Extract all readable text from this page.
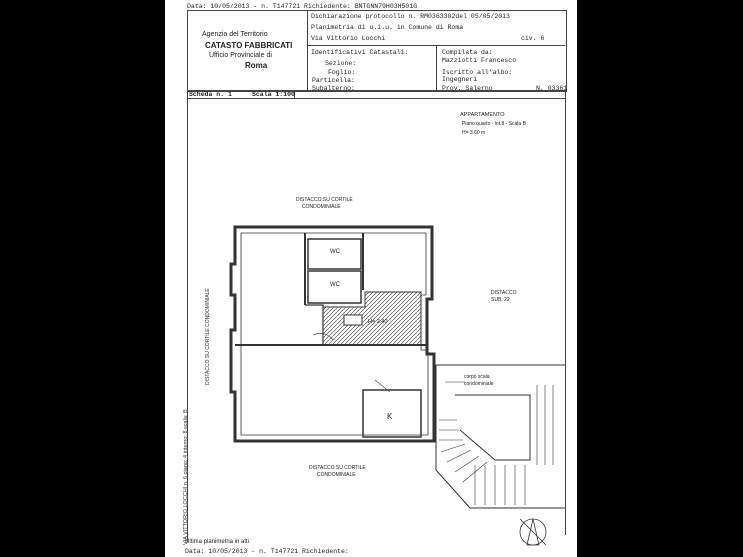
Data: 10/05/2013 - n. T147721 Richiedente: BNTGNN79H03H501G
Agenzia del Territorio
CATASTO FABBRICATI
Ufficio Provinciale di
Roma
Dichiarazione protocollo n. RM0363302del 05/05/2013
Planimetria di u.i.u. in Comune di Roma
Via Vittorio Locchi	civ. 6
Identificativi Catastali:
Sezione:
Foglio:
Particella:
Subalterno:
Compilata da:
Mazziotti Francesco
Iscritto all'albo:
Ingegneri
Prov. Salerno	N. 03361
Scheda n. 1	Scala 1:100
APPARTAMENTO
Piano quarto - int.8 - Scala B
H= 3.60 m
DISTACCO SU CORTILE
CONDOMINIALE
WC
WC
H= 2.40
K
DISTACCO
SUB. 22
corpo scala
condominiale
DISTACCO SU CORTILE
CONDOMINIALE
DISTACCO SU CORTILE CONDOMINIALE
VIA VITTORIO LOCCHI n. 6 piano: 4 interno: 8 scala: B
Ultima planimetria in atti
Data: 10/05/2013 - n. T147721 Richiedente:
